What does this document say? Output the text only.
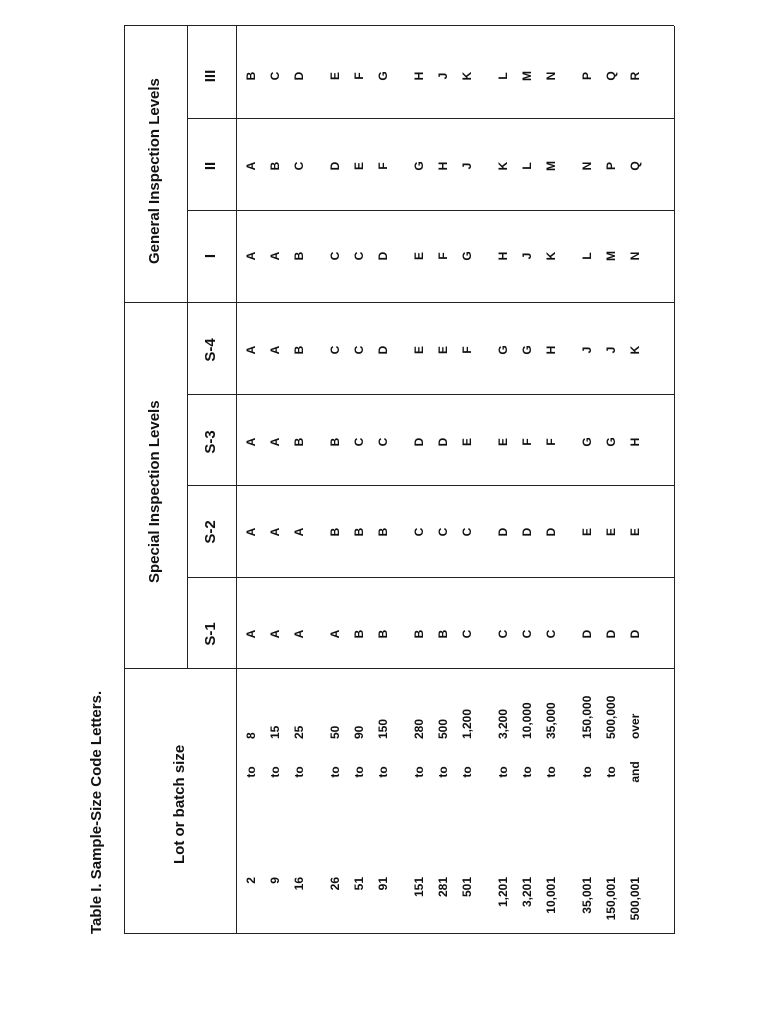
Table I. Sample-Size Code Letters.	Lot or batch size
Special Inspection Levels
General Inspection Levels
S-1
S-2
S-3
S-4
I
II
III
2
to
8
A
A
A
A
A
A
B
9
to
15
A
A
A
A
A
B
C
16
to
25
A
A
B
B
B
C
D
26
to
50
A
B
B
C
C
D
E
51
to
90
B
B
C
C
C
E
F
91
to
150
B
B
C
D
D
F
G
151
to
280
B
C
D
E
E
G
H
281
to
500
B
C
D
E
F
H
J
501
to
1,200
C
C
E
F
G
J
K
1,201
to
3,200
C
D
E
G
H
K
L
3,201
to
10,000
C
D
F
G
J
L
M
10,001
to
35,000
C
D
F
H
K
M
N
35,001
to
150,000
D
E
G
J
L
N
P
150,001
to
500,000
D
E
G
J
M
P
Q
500,001
and
over
D
E
H
K
N
Q
R
